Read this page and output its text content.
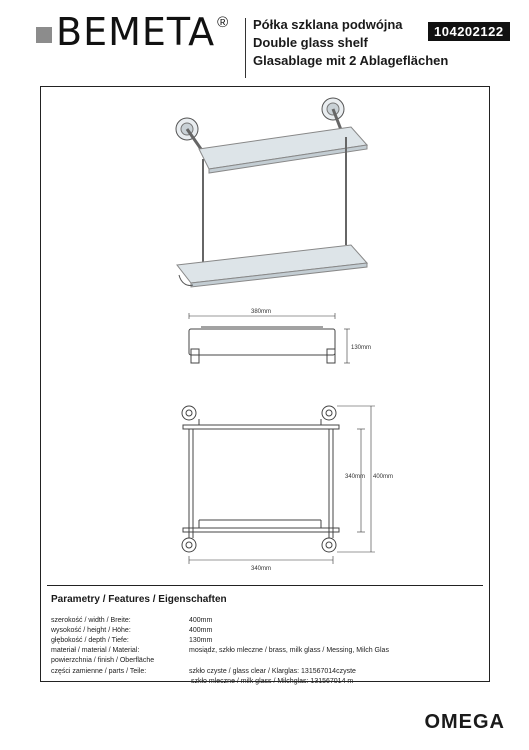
BEMETA ® Półka szklana podwójna
Double glass shelf
Glasablage mit 2 Ablageflächen
104202122
380mm
130mm
340mm 400mm
340mm
Parametry / Features / Eigenschaften
szerokość / width / Breite:	400mm
wysokość / height / Höhe:	400mm
głębokość / depth / Tiefe:	130mm
materiał / material / Material:	mosiądz, szkło mleczne / brass, milk glass / Messing, Milch Glas
powierzchnia / finish / Oberfläche
części zamienne / parts / Teile:	szkło czyste / glass clear / Klarglas: 131567014czyste
szkło mleczne / milk glass / Milchglas: 131567014 m
OMEGA
